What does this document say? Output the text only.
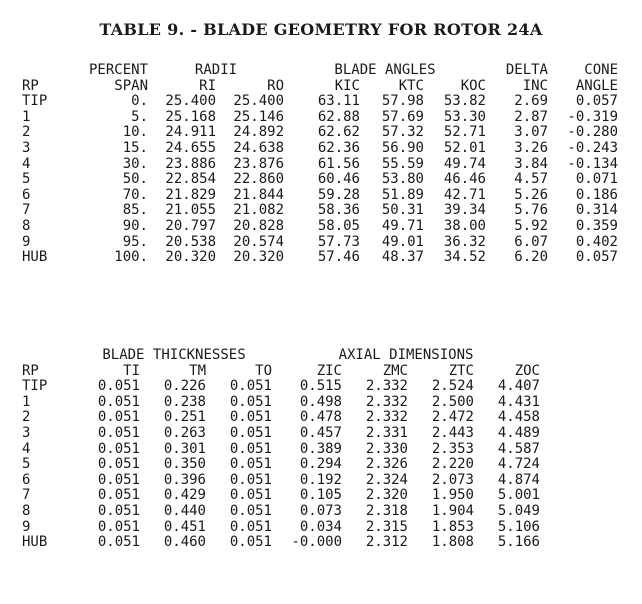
TABLE 9. - BLADE GEOMETRY FOR ROTOR 24A
	PERCENT	RADII		BLADE ANGLES			DELTA	CONE
RP	SPAN	RI	RO	KIC	KTC	KOC	INC	ANGLE
TIP	0.	25.400	25.400	63.11	57.98	53.82	2.69	0.057
1	5.	25.168	25.146	62.88	57.69	53.30	2.87	-0.319
2	10.	24.911	24.892	62.62	57.32	52.71	3.07	-0.280
3	15.	24.655	24.638	62.36	56.90	52.01	3.26	-0.243
4	30.	23.886	23.876	61.56	55.59	49.74	3.84	-0.134
5	50.	22.854	22.860	60.46	53.80	46.46	4.57	0.071
6	70.	21.829	21.844	59.28	51.89	42.71	5.26	0.186
7	85.	21.055	21.082	58.36	50.31	39.34	5.76	0.314
8	90.	20.797	20.828	58.05	49.71	38.00	5.92	0.359
9	95.	20.538	20.574	57.73	49.01	36.32	6.07	0.402
HUB	100.	20.320	20.320	57.46	48.37	34.52	6.20	0.057
	BLADE THICKNESSES			AXIAL DIMENSIONS			
RP	TI	TM	TO	ZIC	ZMC	ZTC	ZOC
TIP	0.051	0.226	0.051	0.515	2.332	2.524	4.407
1	0.051	0.238	0.051	0.498	2.332	2.500	4.431
2	0.051	0.251	0.051	0.478	2.332	2.472	4.458
3	0.051	0.263	0.051	0.457	2.331	2.443	4.489
4	0.051	0.301	0.051	0.389	2.330	2.353	4.587
5	0.051	0.350	0.051	0.294	2.326	2.220	4.724
6	0.051	0.396	0.051	0.192	2.324	2.073	4.874
7	0.051	0.429	0.051	0.105	2.320	1.950	5.001
8	0.051	0.440	0.051	0.073	2.318	1.904	5.049
9	0.051	0.451	0.051	0.034	2.315	1.853	5.106
HUB	0.051	0.460	0.051	-0.000	2.312	1.808	5.166
